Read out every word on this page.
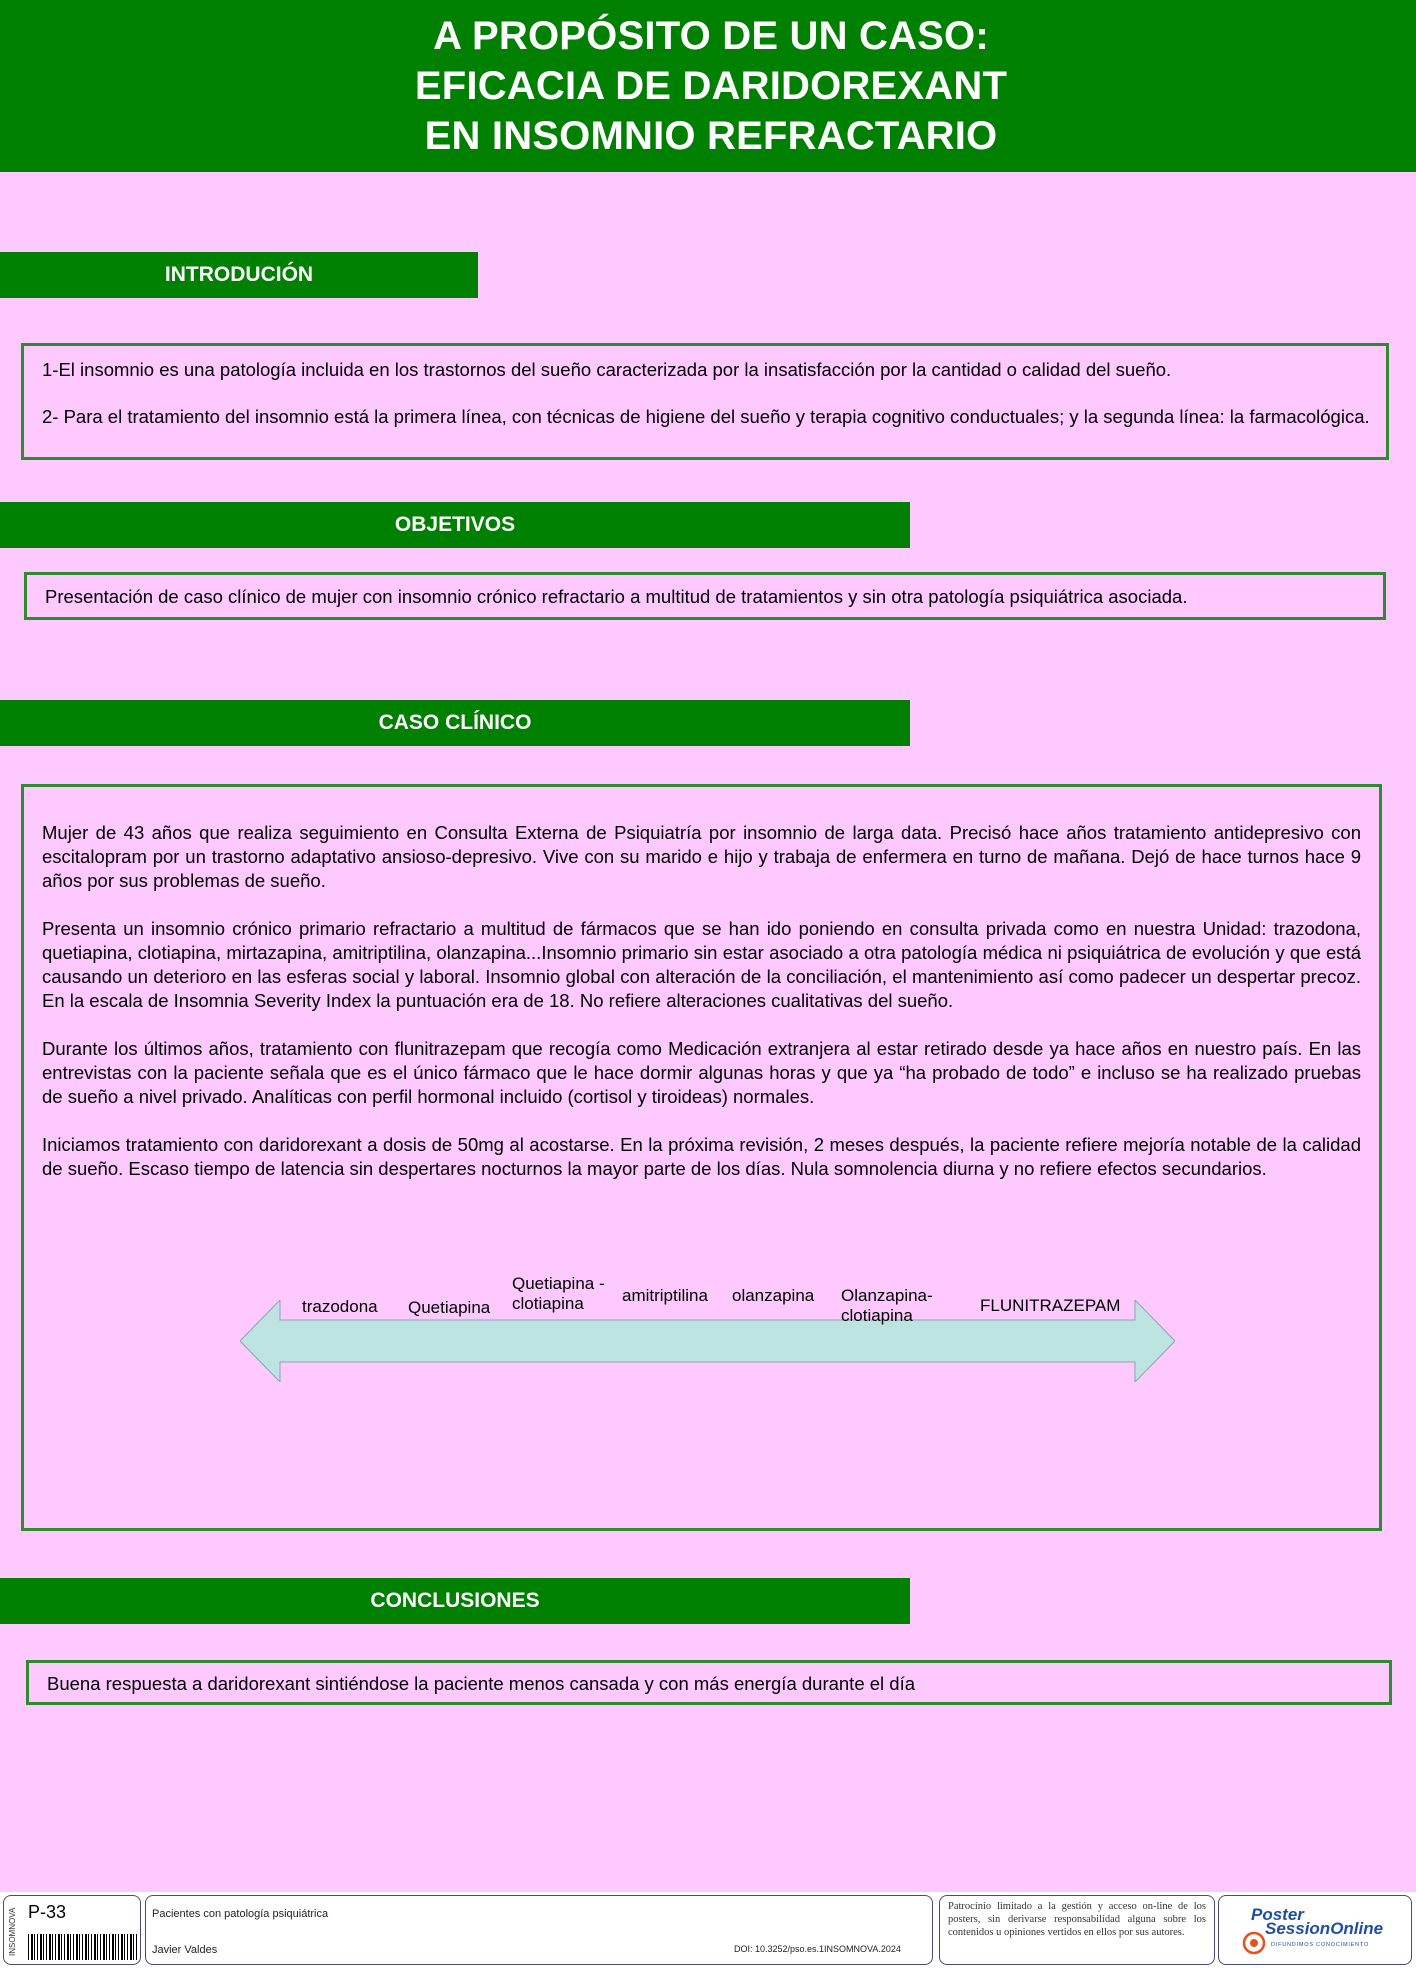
A PROPÓSITO DE UN CASO:
EFICACIA DE DARIDOREXANT
EN INSOMNIO REFRACTARIO
INTRODUCIÓN

1-El insomnio es una patología incluida en los trastornos del sueño caracterizada por la insatisfacción por la cantidad o calidad del sueño.

2- Para el tratamiento del insomnio está la primera línea, con técnicas de higiene del sueño y terapia cognitivo conductuales; y la segunda línea: la farmacológica.

OBJETIVOS

Presentación de caso clínico de mujer con insomnio crónico refractario a multitud de tratamientos y sin otra patología psiquiátrica asociada.

CASO CLÍNICO

Mujer de 43 años que realiza seguimiento en Consulta Externa de Psiquiatría por insomnio de larga data. Precisó hace años tratamiento antidepresivo con escitalopram por un trastorno adaptativo ansioso-depresivo. Vive con su marido e hijo y trabaja de enfermera en turno de mañana. Dejó de hace turnos hace 9 años por sus problemas de sueño.

Presenta un insomnio crónico primario refractario a multitud de fármacos que se han ido poniendo en consulta privada como en nuestra Unidad: trazodona, quetiapina, clotiapina, mirtazapina, amitriptilina, olanzapina...Insomnio primario sin estar asociado a otra patología médica ni psiquiátrica de evolución y que está causando un deterioro en las esferas social y laboral. Insomnio global con alteración de la conciliación, el mantenimiento así como padecer un despertar precoz. En la escala de Insomnia Severity Index la puntuación era de 18. No refiere alteraciones cualitativas del sueño.

Durante los últimos años, tratamiento con flunitrazepam que recogía como Medicación extranjera al estar retirado desde ya hace años en nuestro país. En las entrevistas con la paciente señala que es el único fármaco que le hace dormir algunas horas y que ya “ha probado de todo” e incluso se ha realizado pruebas de sueño a nivel privado. Analíticas con perfil hormonal incluido (cortisol y tiroideas) normales.

Iniciamos tratamiento con daridorexant a dosis de 50mg al acostarse. En la próxima revisión, 2 meses después, la paciente refiere mejoría notable de la calidad de sueño. Escaso tiempo de latencia sin despertares nocturnos la mayor parte de los días. Nula somnolencia diurna y no refiere efectos secundarios.

trazodona Quetiapina
Quetiapina - clotiapina	amitriptilina olanzapina Olanzapina- clotiapina
FLUNITRAZEPAM
CONCLUSIONES

Buena respuesta a daridorexant sintiéndose la paciente menos cansada y con más energía durante el día

INSOMNOVA P-33	Pacientes con patología psiquiátrica
Javier Valdes	DOI: 10.3252/pso.es.1INSOMNOVA.2024
Patrocinio limitado a la gestión y acceso on-line de los posters, sin derivarse responsabilidad alguna sobre los contenidos u opiniones vertidos en ellos por sus autores.
Poster
SessionOnline
DIFUNDIMOS CONOCIMIENTO
